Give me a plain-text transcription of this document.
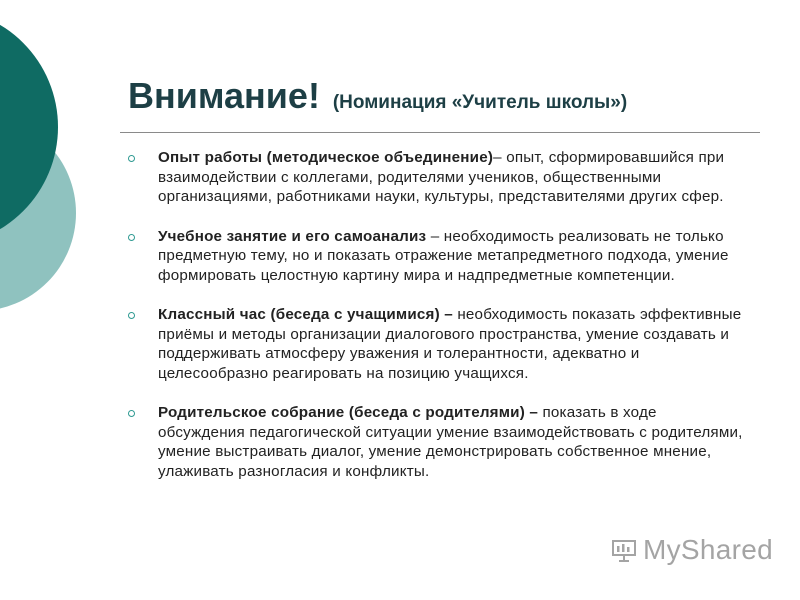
Внимание! (Номинация «Учитель школы»)

Опыт работы (методическое объединение)– опыт, сформировавшийся при взаимодействии с коллегами, родителями учеников, общественными организациями, работниками науки, культуры, представителями других сфер.

Учебное занятие и его самоанализ – необходимость реализовать не только предметную тему, но и показать отражение метапредметного подхода, умение формировать целостную картину мира и надпредметные компетенции.

Классный час (беседа с учащимися) – необходимость показать эффективные приёмы и методы организации диалогового пространства, умение создавать и поддерживать атмосферу уважения и толерантности, адекватно и целесообразно реагировать на позицию учащихся.

Родительское собрание (беседа с родителями) – показать в ходе обсуждения педагогической ситуации умение взаимодействовать с родителями, умение выстраивать диалог, умение демонстрировать собственное мнение, улаживать разногласия и конфликты.

MyShared
